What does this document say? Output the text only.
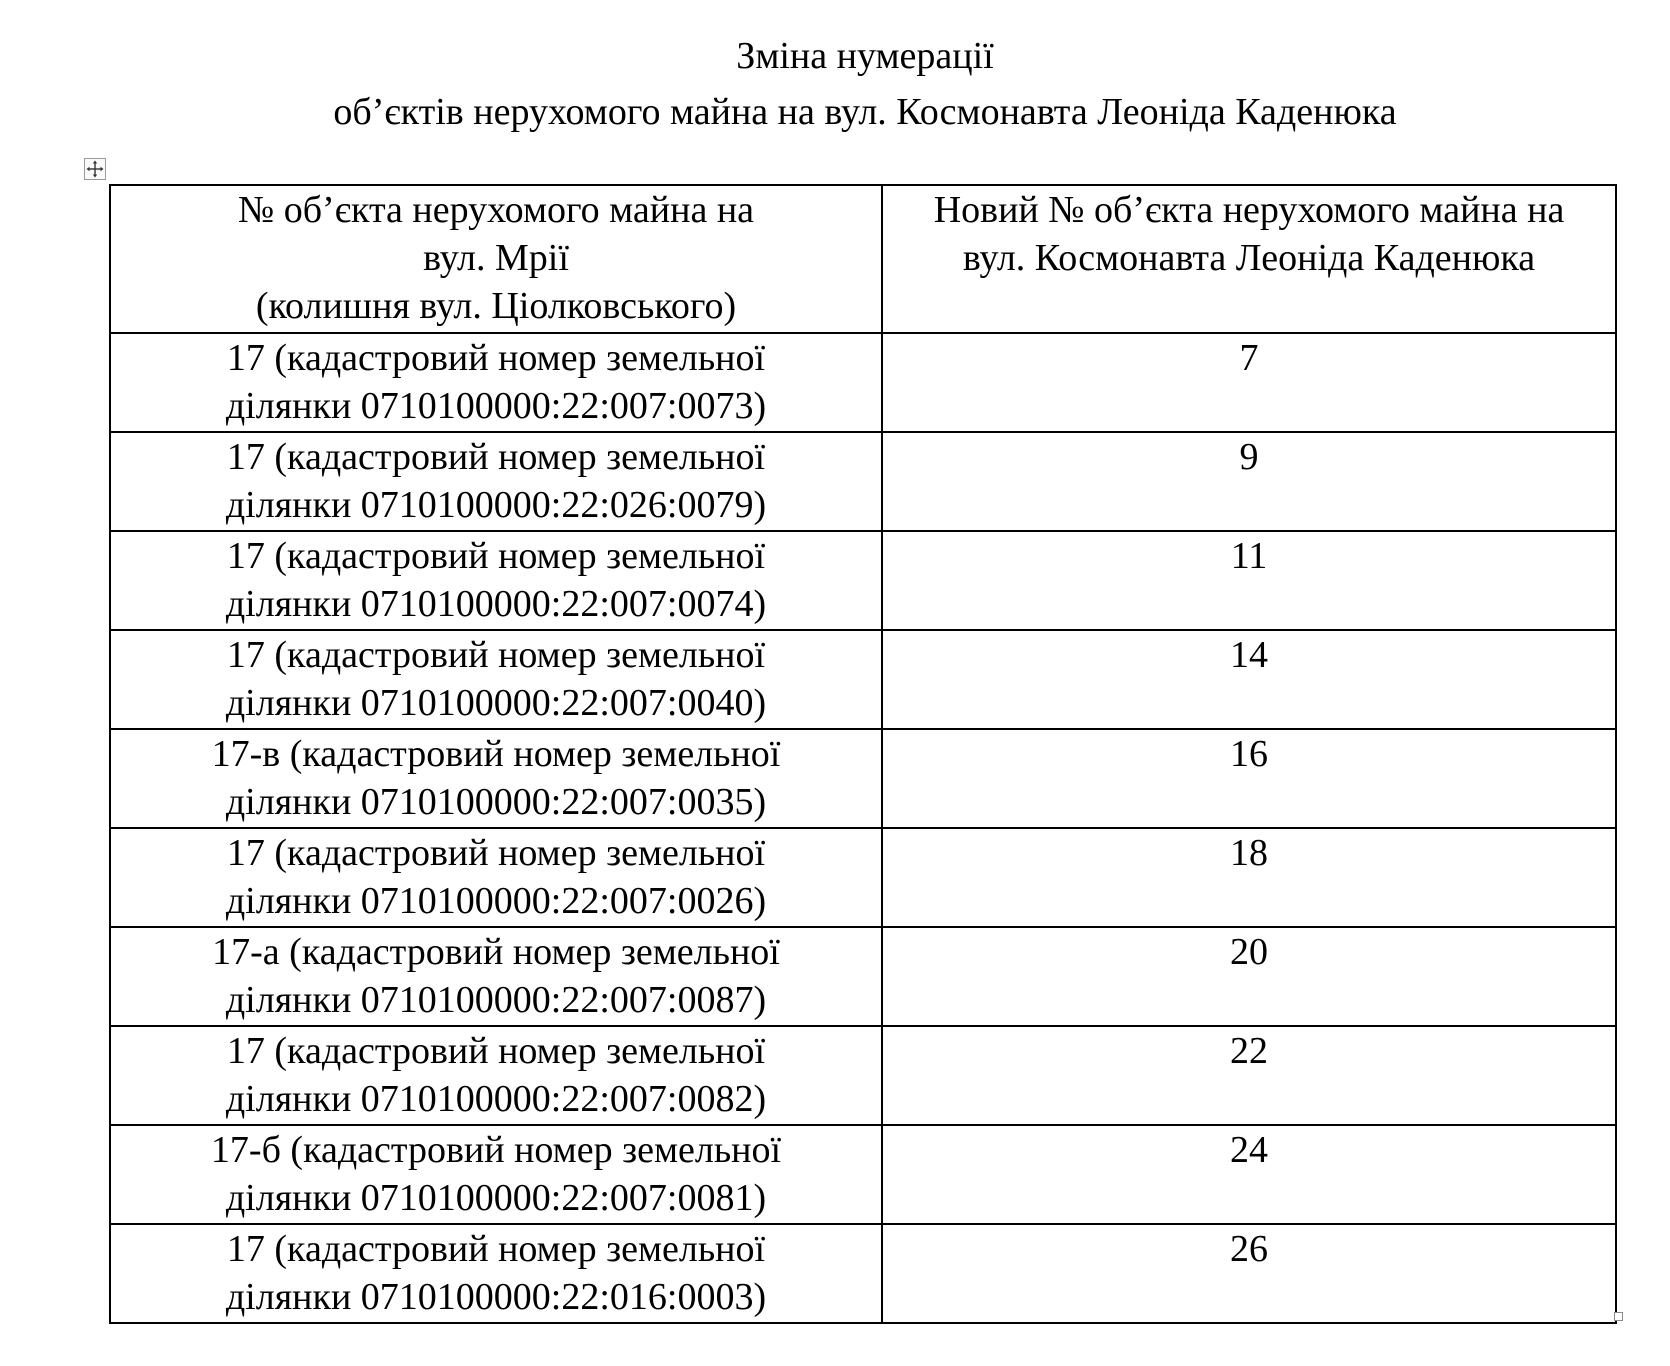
Зміна нумерації
об’єктів нерухомого майна на вул. Космонавта Леоніда Каденюка
№ об’єкта нерухомого майна на
вул. Мрії
(колишня вул. Ціолковського)	Новий № об’єкта нерухомого майна на
вул. Космонавта Леоніда Каденюка

17 (кадастровий номер земельної
ділянки 0710100000:22:007:0073)	7

17 (кадастровий номер земельної
ділянки 0710100000:22:026:0079)	9

17 (кадастровий номер земельної
ділянки 0710100000:22:007:0074)	11

17 (кадастровий номер земельної
ділянки 0710100000:22:007:0040)	14

17-в (кадастровий номер земельної
ділянки 0710100000:22:007:0035)	16

17 (кадастровий номер земельної
ділянки 0710100000:22:007:0026)	18

17-а (кадастровий номер земельної
ділянки 0710100000:22:007:0087)	20

17 (кадастровий номер земельної
ділянки 0710100000:22:007:0082)	22

17-б (кадастровий номер земельної
ділянки 0710100000:22:007:0081)	24

17 (кадастровий номер земельної
ділянки 0710100000:22:016:0003)	26
